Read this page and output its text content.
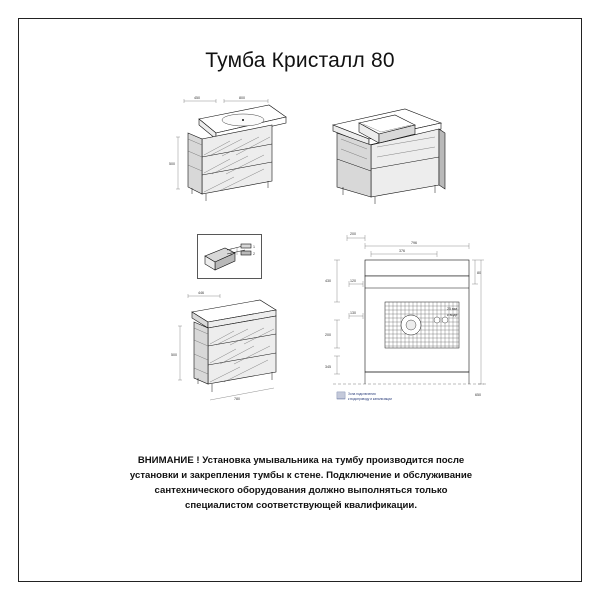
Тумба Кристалл 80
450	800
500
1
2
446
500
780
200
796
376
430	120
200
130
345
80
650
25 мм
к воде
Зона подключения
к водопроводу и канализации
ВНИМАНИЕ ! Установка умывальника на тумбу производится после
установки и закрепления тумбы к стене. Подключение и обслуживание
сантехнического оборудования должно выполняться только
специалистом соответствующей квалификации.
